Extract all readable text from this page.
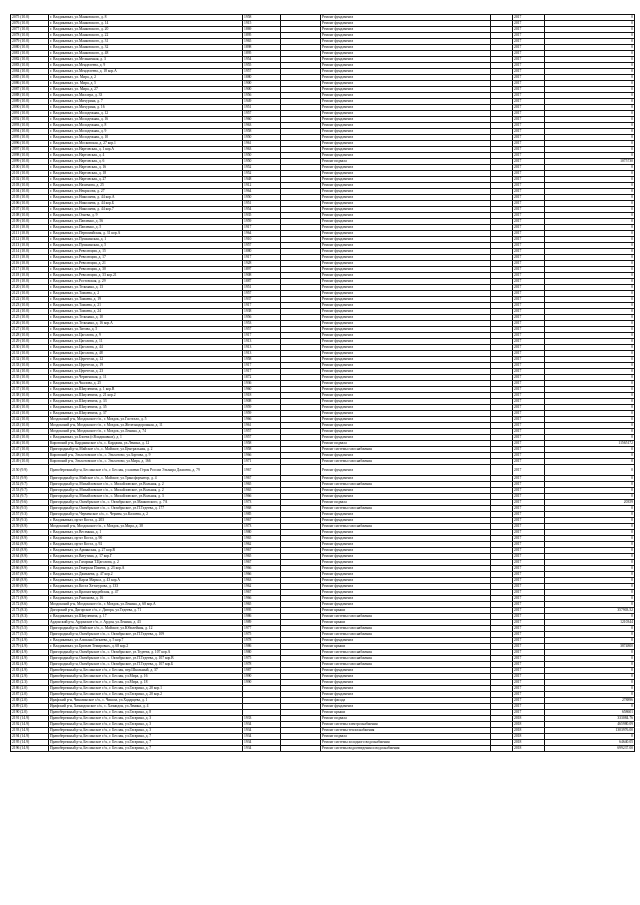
2075 (10.0)	г. Владикавказ, ул.Маяковского, д. 8	1958		Ремонт фундамента		2017	0
2076 (10.0)	г. Владикавказ, ул.Маяковского, д. 14	1915		Ремонт фундамента		2017	0
2077 (10.0)	г. Владикавказ, ул.Маяковского, д. 20	1869		Ремонт фундамента		2017	0
2078 (10.0)	г. Владикавказ, ул.Маяковского, д. 22	1895		Ремонт фундамента		2017	0
2079 (10.0)	г. Владикавказ, ул.Маяковского, д. 31	1965		Ремонт фундамента		2017	0
2080 (10.0)	г. Владикавказ, ул.Маяковского, д. 32	1898		Ремонт фундамента		2017	0
2081 (10.0)	г. Владикавказ, ул.Маяковского, д. 48	1895		Ремонт фундамента		2017	0
2082 (10.0)	г. Владикавказ, ул.Мельничная, д. 3	1954		Ремонт фундамента		2017	0
2083 (10.0)	г. Владикавказ, ул.Менделеева, д. 9	1955		Ремонт фундамента		2017	0
2084 (10.0)	г. Владикавказ, ул.Менделеева, д. 18 кор.А	1957		Ремонт фундамента		2017	0
2085 (10.0)	г. Владикавказ, ул. Мира, д. 2	1880		Ремонт фундамента		2017	0
2086 (10.0)	г. Владикавказ, ул. Мира, д. 5	1900		Ремонт фундамента		2017	0
2087 (10.0)	г. Владикавказ, ул. Мира, д. 27	1900		Ремонт фундамента		2017	0
2088 (10.0)	г. Владикавказ, ул.Миллера, д. 33	1956		Ремонт фундамента		2017	0
2089 (10.0)	г. Владикавказ, ул.Мичурина, д. 7	1949		Ремонт фундамента		2017	0
2090 (10.0)	г. Владикавказ, ул.Мичурина, д. 16	1951		Ремонт фундамента		2017	0
2091 (10.0)	г. Владикавказ, ул.Молодежная, д. 12	1957		Ремонт фундамента		2017	0
2092 (10.0)	г. Владикавказ, ул.Молодежная, д. 16	1960		Ремонт фундамента		2017	0
2093 (10.0)	г. Владикавказ, ул.Молодежная, д. 8	1963		Ремонт фундамента		2017	0
2094 (10.0)	г. Владикавказ, ул.Молодежная, д. 9	1958		Ремонт фундамента		2017	0
2095 (10.0)	г. Владикавказ, ул.Молодежная, д. 10	1950		Ремонт фундамента		2017	0
2096 (10.0)	г. Владикавказ, ул.Московская, д. 27 кор.1	1961		Ремонт фундамента		2017	0
2097 (10.0)	г. Владикавказ, ул.Нартовская, д. 1 кор.А	1963		Ремонт фундамента		2017	0
2098 (10.0)	г. Владикавказ, ул.Нартовская, д. 4	1950		Ремонт фундамента		2017	0
2099 (10.0)	г. Владикавказ, ул.Нартовская, д. 6	1950		Ремонт подвала		2017	1075730
2100 (10.0)	г. Владикавказ, ул.Нартовская, д. 16	1952		Ремонт фундамента		2017	0
2101 (10.0)	г. Владикавказ, ул.Нартовская, д. 18	1952		Ремонт фундамента		2017	0
2102 (10.0)	г. Владикавказ, ул.Нартовская, д. 27	1948		Ремонт фундамента		2017	0
2103 (10.0)	г. Владикавказ, ул.Нахимова, д. 25	1912		Ремонт фундамента		2017	0
2104 (10.0)	г. Владикавказ, ул.Некрасова, д. 27	1964		Ремонт фундамента		2017	0
2105 (10.0)	г. Владикавказ, ул.Николаева, д. 44 кор.А	1950		Ремонт фундамента		2017	0
2106 (10.0)	г. Владикавказ, ул.Николаева, д. 44 кор.Б	1951		Ремонт фундамента		2017	0
2107 (10.0)	г. Владикавказ, ул.Николаева, д. 44 кор.7	1954		Ремонт фундамента		2017	0
2108 (10.0)	г. Владикавказ, ул.Огнева, д. 9	1935		Ремонт фундамента		2017	0
2109 (10.0)	г. Владикавказ, ул.Павленко, д. 56	1959		Ремонт фундамента		2017	0
2110 (10.0)	г. Владикавказ, ул.Павленко, д. 5	1917		Ремонт фундамента		2017	0
2111 (10.0)	г. Владикавказ, ул.Первомайская, д. 31 кор.А	1964		Ремонт фундамента		2017	0
2112 (10.0)	г. Владикавказ, ул.Пушкинская, д. 1	1910		Ремонт фундамента		2017	0
2113 (10.0)	г. Владикавказ, ул.Пушкинская, д. 5	1957		Ремонт фундамента		2017	0
2114 (10.0)	г. Владикавказ, ул.Революции, д. 15	1880		Ремонт фундамента		2017	0
2115 (10.0)	г. Владикавказ, ул.Революции, д. 17	1917		Ремонт фундамента		2017	0
2116 (10.0)	г. Владикавказ, ул.Революции, д. 21	1928		Ремонт фундамента		2017	0
2117 (10.0)	г. Владикавказ, ул.Революции, д. 30	1897		Ремонт фундамента		2017	0
2118 (10.0)	г. Владикавказ, ул.Революции, д. 33 кор.21	1908		Ремонт фундамента		2017	0
2119 (10.0)	г. Владикавказ, ул.Ростовская, д. 29	1887		Ремонт фундамента		2017	0
2120 (10.0)	г. Владикавказ, ул.Тельмана, д. 13	1951		Ремонт фундамента		2017	0
2121 (10.0)	г. Владикавказ, ул.Тамаева, д. 2	1957		Ремонт фундамента		2017	0
2122 (10.0)	г. Владикавказ, ул.Тамаева, д. 19	1937		Ремонт фундамента		2017	0
2123 (10.0)	г. Владикавказ, ул.Тамаева, д. 21	1917		Ремонт фундамента		2017	0
2124 (10.0)	г. Владикавказ, ул.Тамаева, д. 24	1938		Ремонт фундамента		2017	0
2125 (10.0)	г. Владикавказ, ул.Тельмана, д. 10	1956		Ремонт фундамента		2017	0
2126 (10.0)	г. Владикавказ, ул.Тельмана, д. 16 кор.А	1953		Ремонт фундамента		2017	0
2127 (10.0)	г. Владикавказ, ул.Титова, д. 5	1957		Ремонт фундамента		2017	0
2128 (10.0)	г. Владикавказ, ул.Цаголова, д. 9	1917		Ремонт фундамента		2017	0
2129 (10.0)	г. Владикавказ, ул.Цаголова, д. 11	1913		Ремонт фундамента		2017	0
2130 (10.0)	г. Владикавказ, ул.Цаголова, д. 44	1913		Ремонт фундамента		2017	0
2131 (10.0)	г. Владикавказ, ул.Цаголова, д. 48	1913		Ремонт фундамента		2017	0
2132 (10.0)	г. Владикавказ, ул.Церетели, д. 12	1958		Ремонт фундамента		2017	0
2133 (10.0)	г. Владикавказ, ул.Церетели, д. 19	1917		Ремонт фундамента		2017	0
2134 (10.0)	г. Владикавказ, ул.Церетели, д. 23	1917		Ремонт фундамента		2017	0
2135 (10.0)	г. Владикавказ, ул.Черменская, д. 11	1872		Ремонт фундамента		2017	0
2136 (10.0)	г. Владикавказ, ул.Чкалова, д. 25	1936		Ремонт фундамента		2017	0
2137 (10.0)	г. Владикавказ, ул.Шмулевича, д. 1 кор.В	1960		Ремонт фундамента		2017	0
2138 (10.0)	г. Владикавказ, ул.Шмулевича, д. 21 кор.2	1918		Ремонт фундамента		2017	0
2139 (10.0)	г. Владикавказ, ул.Шмулевича, д. 33	1908		Ремонт фундамента		2017	0
2140 (10.0)	г. Владикавказ, ул.Шмулевича, д. 35	1959		Ремонт фундамента		2017	0
2141 (10.0)	г. Владикавказ, ул.Шмулевича, д. 37	1959		Ремонт фундамента		2017	0
2142 (10.0)	Моздокский р-н, Моздокское г/п., г. Моздок, ул.Гастелло, д. 5	1966		Ремонт фундамента		2017	0
2143 (10.0)	Моздокский р-н, Моздокское г/п., г. Моздок, ул.Железнодорожная, д. 11	1961		Ремонт фундамента		2017	0
2144 (10.0)	Моздокский р-н, Моздокское г/п., г. Моздок, ул.Ленина, д. 74	1957		Ремонт фундамента		2017	0
2145 (10.0)	г. Владикавказ, ул.Бзоева (г.Владикавказ), д. 1	1957		Ремонт фундамента		2017	0
2146 (10.0)	Кировский р-н, Карджинское с/п., с. Карджин, ул.Ленина, д. 12	1958		Ремонт подвала		2017	11565172
2147 (10.0)	Пригородный р-н, Майское с/п., с. Майское, ул.Центральная, д. 2	1958		Ремонт системы газоснабжения		2017	0
2148 (10.0)	Кировский р-н, Эльхотовское с/п., с. Эльхотово, ул.Зортова, д. 9	1966		Ремонт фундамента		2017	0
2149 (10.0)	Кировский р-н, Эльхотовское с/п., с. Эльхотово, ул.Мира, д. 166	1971		Ремонт системы газоснабжения		2017	0
2150 (9.9)	Правобережный р-н, Бесланское г/п., г. Беслан, ул.имени Героя России Эльмира Джиоева, д. 79	1967		Ремонт фундамента		2017	0
2151 (9.9)	Пригородный р-н, Майское с/п., с. Майское, ул.Трансформатор, д. 4	1967		Ремонт фундамента		2017	0
2152 (9.7)	Пригородный р-н, Михайловское с/п., с. Михайловское, ул.Вольная, д. 2	1965		Ремонт системы газоснабжения		2017	0
2153 (9.7)	Пригородный р-н, Михайловское с/п., с. Михайловское, ул.Вольная, д. 2	1965		Ремонт фундамента		2017	0
2154 (9.7)	Пригородный р-н, Михайловское с/п., с. Михайловское, ул.Вольная, д. 3	1966		Ремонт фундамента		2017	0
2155 (9.6)	Пригородный р-н, Октябрьское с/п., с. Октябрьское, ул.Маяковского, д. 7А	1973		Ремонт подвала		2017	20359
2156 (9.5)	Пригородный р-н, Октябрьское с/п., с. Октябрьское, ул.П.Тедеева, д. 177	1968		Ремонт системы газоснабжения		2017	0
2157 (9.3)	Пригородный р-н, Черменское с/п., с. Чермен, ул.Калоева, д. 2	1985		Ремонт фундамента		2017	0
2158 (9.3)	г. Владикавказ, пр-кт Коста, д. 203	1967		Ремонт фундамента		2017	0
2159 (8.9)	Моздокский р-н, Моздокское г/п., г. Моздок, ул.Мира, д. 38	1973		Ремонт системы газоснабжения		2017	0
2160 (8.9)	г. Владикавказ, ул.Весенняя, д. 1	1980		Ремонт фундамента		2017	0
2161 (8.9)	г. Владикавказ, пр-кт Коста, д. 90	1965		Ремонт фундамента		2017	0
2162 (8.9)	г. Владикавказ, пр-кт Коста, д. 92	1962		Ремонт фундамента		2017	0
2163 (8.9)	г. Владикавказ, ул.Армянская, д. 27 кор.В	1967		Ремонт фундамента		2017	0
2164 (8.9)	г. Владикавказ, ул.Ватутина, д. 17 кор.Г	1965		Ремонт фундамента		2017	0
2165 (8.9)	г. Владикавказ, ул.Гагарина Т.Цаголова, д. 2	1967		Ремонт фундамента		2017	0
2166 (8.9)	г. Владикавказ, ул.Генерала Плиева, д. 23 кор.А	1966		Ремонт фундамента		2017	0
2167 (8.9)	г. Владикавказ, ул.Джикаева, д. 47 кор.2	1966		Ремонт фундамента		2017	0
2168 (8.9)	г. Владикавказ, ул.Карла Маркса, д. 43 кор.А	1963		Ремонт фундамента		2017	0
2169 (8.9)	г. Владикавказ, ул.Коста Хетагурова, д. 133	1962		Ремонт фундамента		2017	0
2170 (8.9)	г. Владикавказ, ул.Красногвардейская, д. 47	1967		Ремонт фундамента		2017	0
2171 (8.9)	г. Владикавказ, ул.Рамонова, д. 16	1966		Ремонт фундамента		2017	0
2172 (8.6)	Моздокский р-н, Моздокское г/п., г. Моздок, ул.Ленина, д. 68 кор.А	1965		Ремонт фундамента		2017	0
2173 (8.3)	Дигорский р-н, Дигорское г/п., г. Дигора, ул.Тедеева, д. 71	1995		Ремонт крыши		2017	357903.52
2174 (8.3)	г. Владикавказ, ул.Шмулевича, д. 17	1986		Ремонт системы газоснабжения		2017	0
2175 (5.5)	Ардонский р-н, Ардонское г/п., г. Ардон, ул.Ленина, д. 43	1989		Ремонт крыши		2017	1210344
2176 (5.5)	Пригородный р-н, Майское с/п., с. Майское, ул.Юбилейная, д. 12	1977		Ремонт системы газоснабжения		2017	0
2177 (5.5)	Пригородный р-н, Октябрьское с/п., с. Октябрьское, ул.П.Тедеева, д. 109	1975		Ремонт системы газоснабжения		2017	0
2178 (4.9)	г. Владикавказ, ул.Алихана Гагкаева, д. 5 кор.7	1978		Ремонт фундамента		2017	0
2179 (4.9)	г. Владикавказ, ул.Братьев Темировых, д. 68 кор.2	1986		Ремонт крыши		2017	3874800
2180 (4.9)	Пригородный р-н, Октябрьское с/п., с. Октябрьское, ул.Тедеева, д. 107 кор.А	1980		Ремонт системы газоснабжения		2017	0
2181 (4.9)	Пригородный р-н, Октябрьское с/п., с. Октябрьское, ул.П.Тедеева, д. 107 кор.В	1975		Ремонт системы газоснабжения		2017	0
2182 (4.9)	Пригородный р-н, Октябрьское с/п., с. Октябрьское, ул.П.Тедеева, д. 107 кор.Б	1978		Ремонт системы газоснабжения		2017	0
2183 (4.9)	Правобережный р-н, Бесланское г/п., г. Беслан, пер.Школьный, д. 37	1987		Ремонт фундамента		2017	0
2184 (2.9)	Правобережный р-н, Бесланское г/п., г. Беслан, ул.Мира, д. 16	1990		Ремонт фундамента		2017	0
2185 (2.3)	Правобережный р-н, Бесланское г/п., г. Беслан, ул.Мира, д. 18	1990		Ремонт фундамента		2017	0
2186 (2.0)	Правобережный р-н, Бесланское г/п., г. Беслан, ул.Гагарина, д. 20 кор.1			Ремонт фундамента		2017	0
2187 (2.0)	Правобережный р-н, Бесланское г/п., г. Беслан, ул.Гагарина, д. 20 кор.2			Ремонт фундамента		2017	0
2188 (2.0)	Ирафский р-н, Чиколинское с/п., с. Чикола, ул.Хадарцева, д. 1			Ремонт фасада		2017	278896
2189 (2.0)	Ирафский р-н, Хазнидонское с/п., с. Хазнидон, ул.Ленина, д. 4			Ремонт фундамента		2017	0
2190 (2.0)	Правобережный р-н, Бесланское г/п., г. Беслан, ул.Гагарина, д. 8			Ремонт крыши		2017	658601
2191 (14.9)	Правобережный р-н, Бесланское г/п., г. Беслан, ул.Гагарина, д. 3	1933		Ремонт подвала		2018	333084.76
2192 (14.9)	Правобережный р-н, Бесланское г/п., г. Беслан, ул.Гагарина, д. 3	1934		Ремонт системы электроснабжения		2018	465980.09
2193 (14.9)	Правобережный р-н, Бесланское г/п., г. Беслан, ул.Гагарина, д. 3	1934		Ремонт системы теплоснабжения		2018	1303976.00
2194 (14.9)	Правобережный р-н, Бесланское г/п., г. Беслан, ул.Гагарина, д. 7	1934		Ремонт подвала		2018	0
2195 (14.9)	Правобережный р-н, Бесланское г/п., г. Беслан, ул.Гагарина, д. 7	1934		Ремонт системы холодного водоснабжения		2018	64640.05
2196 (14.9)	Правобережный р-н, Бесланское г/п., г. Беслан, ул.Гагарина, д. 7	1934		Ремонт системы водоотведения и водоснабжения		2018	699237.00
